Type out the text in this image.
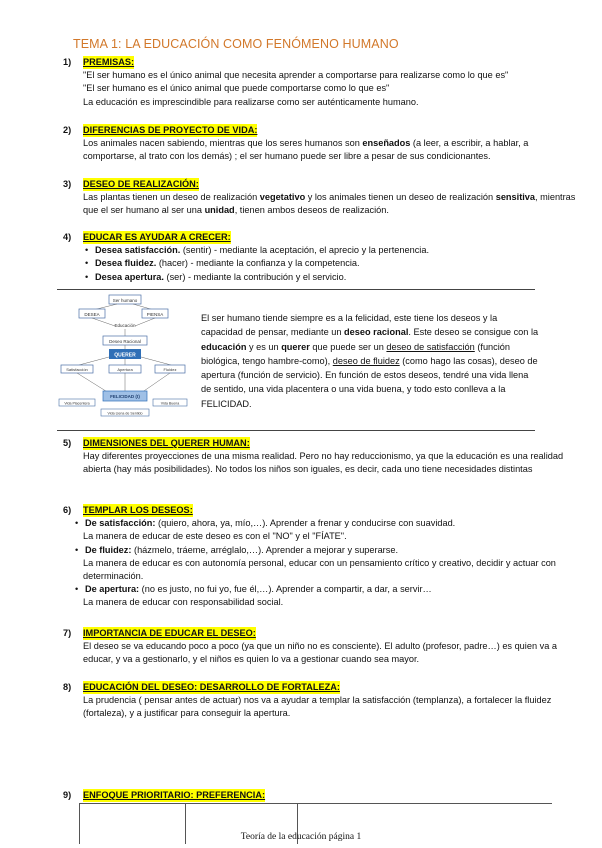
TEMA 1: LA EDUCACIÓN COMO FENÓMENO HUMANO
1)	PREMISAS:

"El ser humano es el único animal que necesita aprender a comportarse para realizarse como lo que es"

"El ser humano es el único animal que puede comportarse como lo que es"

La educación es imprescindible para realizarse como ser auténticamente humano.

2)	DIFERENCIAS DE PROYECTO DE VIDA:

Los animales nacen sabiendo, mientras que los seres humanos son enseñados (a leer, a escribir, a hablar, a comportarse, al trato con los demás) ; el ser humano puede ser libre a pesar de sus condicionantes.

3)	DESEO DE REALIZACIÓN:

Las plantas tienen un deseo de realización vegetativo y los animales tienen un deseo de realización sensitiva, mientras que el ser humano al ser una unidad, tienen ambos deseos de realización.

4)	EDUCAR ES AYUDAR A CRECER:
• Desea satisfacción. (sentir) - mediante la aceptación, el aprecio y la pertenencia.
• Desea fluidez. (hacer) - mediante la confianza y la competencia.
• Desea apertura. (ser) - mediante la contribución y el servicio.
Ser humano
DESEA	PIENSA
Educación
Deseo Racional
QUERER
Satisfacción	Apertura	Fluidez
FELICIDAD (t)
Vida Placentera	Vida Buena
Vida Llena de Sentido
El ser humano tiende siempre es a la felicidad, este tiene los deseos y la capacidad de pensar, mediante un deseo racional. Este deseo se consigue con la educación y es un querer que puede ser un deseo de satisfacción (función biológica, tengo hambre-como), deseo de fluidez (como hago las cosas), deseo de apertura (función de servicio). En función de estos deseos, tendré una vida llena de sentido, una vida placentera o una vida buena, y todo esto conlleva a la FELICIDAD.
5)	DIMENSIONES DEL QUERER HUMAN:

Hay diferentes proyecciones de una misma realidad. Pero no hay reduccionismo, ya que la educación es una realidad abierta (hay más posibilidades). No todos los niños son iguales, es decir, cada uno tiene necesidades distintas

6)	TEMPLAR LOS DESEOS:
• De satisfacción: (quiero, ahora, ya, mío,…). Aprender a frenar y conducirse con suavidad.

La manera de educar de este deseo es con el "NO" y el "FÍATE".

• De fluidez: (házmelo, tráeme, arréglalo,…). Aprender a mejorar y superarse.

La manera de educar es con autonomía personal, educar con un pensamiento crítico y creativo, decidir y actuar con determinación.

• De apertura: (no es justo, no fui yo, fue él,…). Aprender a compartir, a dar, a servir…

La manera de educar con responsabilidad social.

7)	IMPORTANCIA DE EDUCAR EL DESEO:

El deseo se va educando poco a poco (ya que un niño no es consciente). El adulto (profesor, padre…) es quien va a educar, y va a gestionarlo, y el niños es quien lo va a gestionar cuando sea mayor.

8)	EDUCACIÓN DEL DESEO: DESARROLLO DE FORTALEZA:

La prudencia ( pensar antes de actuar) nos va a ayudar a templar la satisfacción (templanza), a fortalecer la fluidez (fortaleza), y a justificar para conseguir la apertura.

9)	ENFOQUE PRIORITARIO: PREFERENCIA:
Teoría de la educación página 1
